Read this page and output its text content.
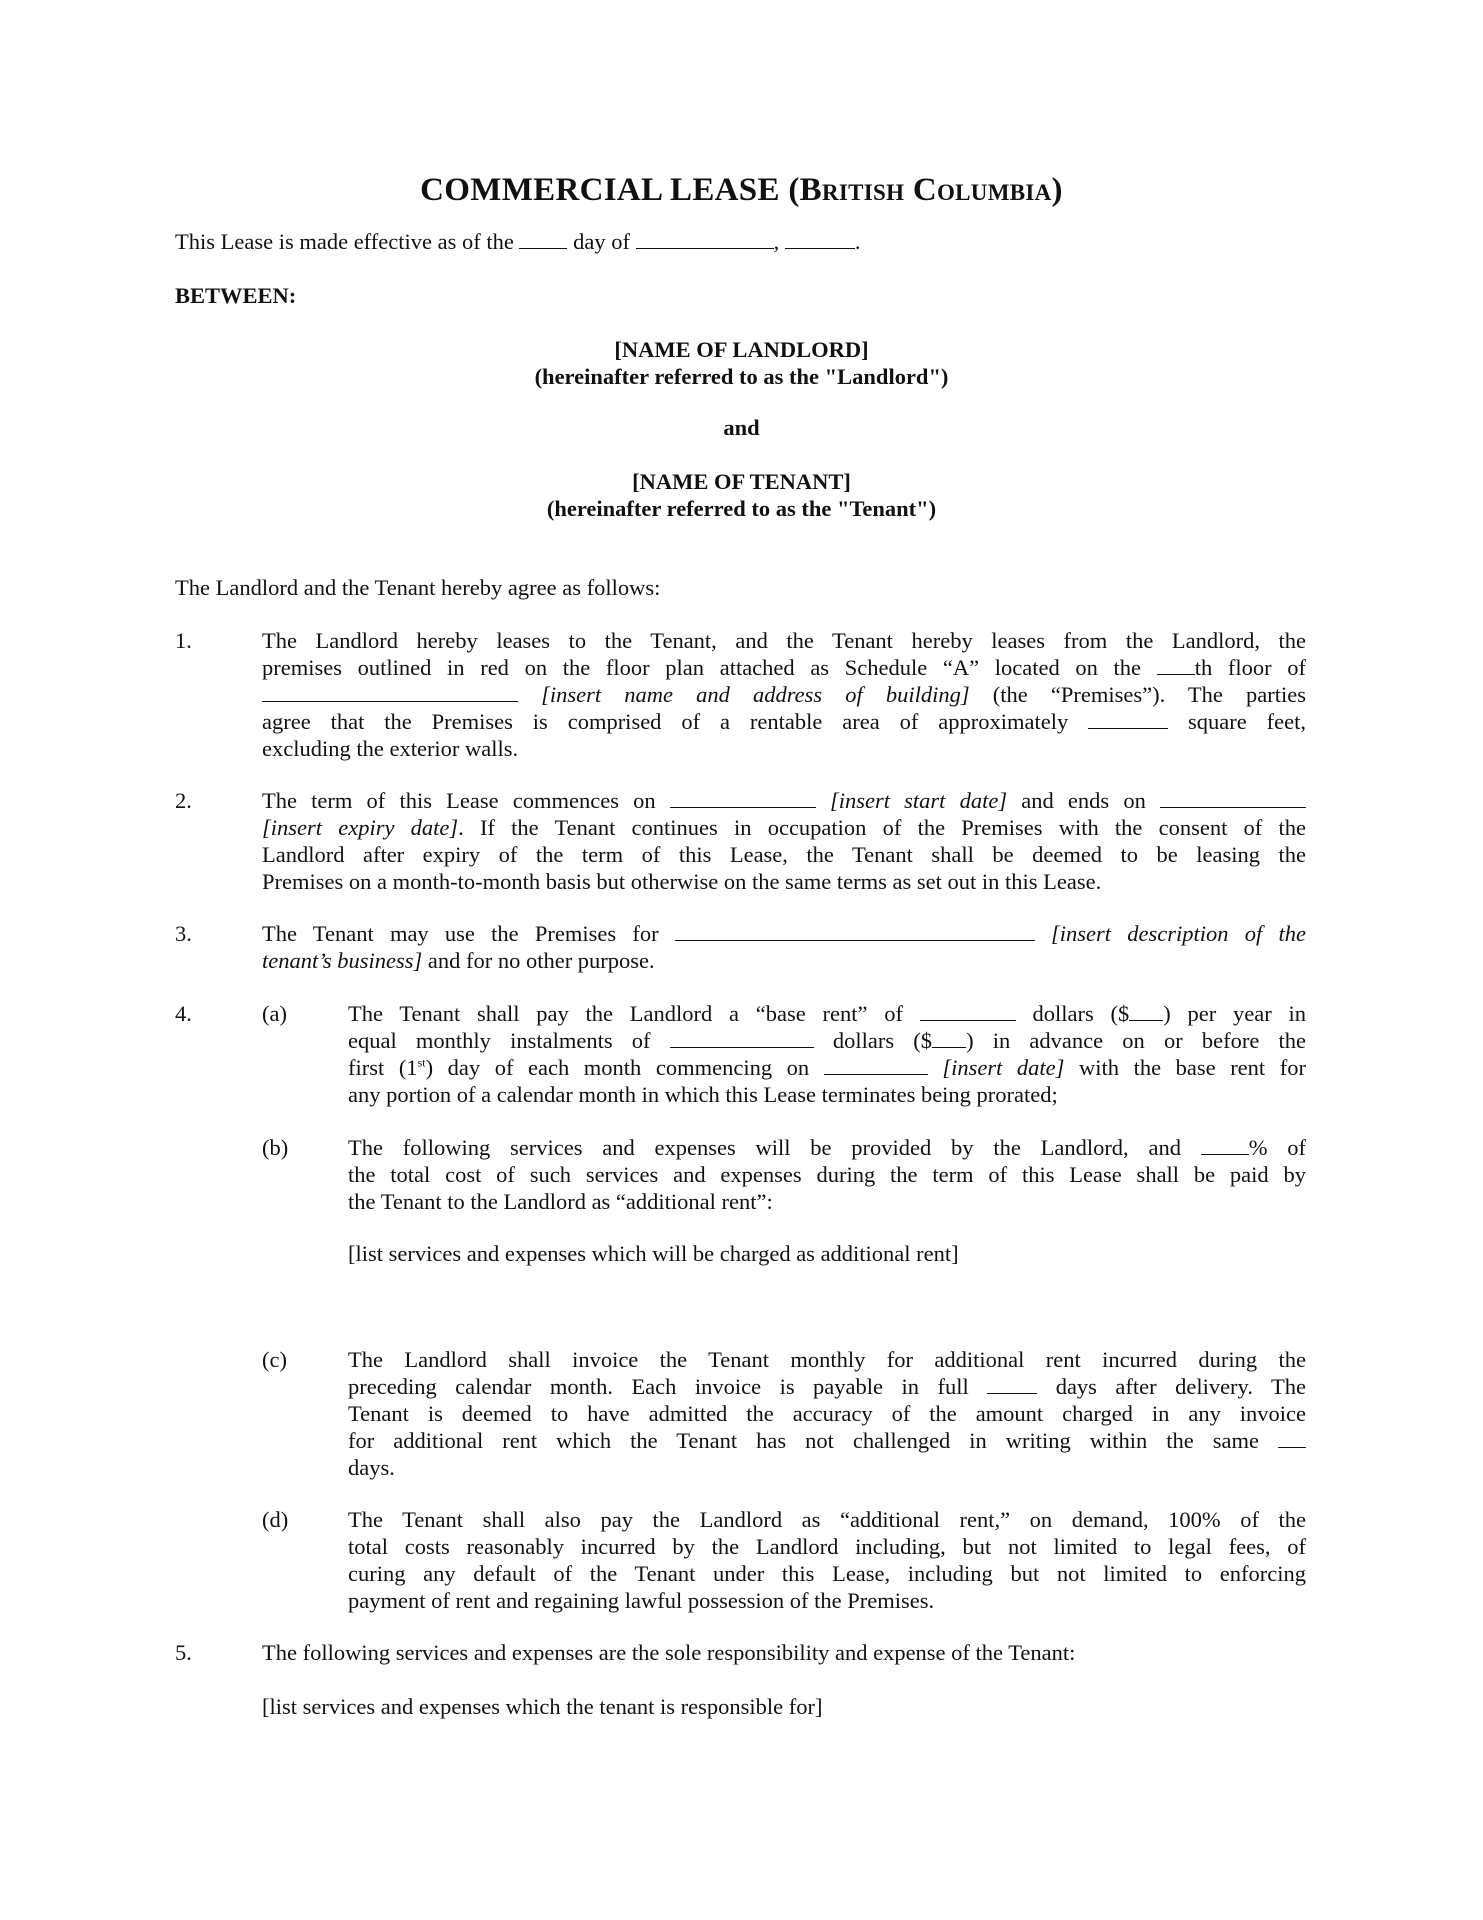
COMMERCIAL LEASE (British Columbia)
This Lease is made effective as of the	day of	,	.
BETWEEN:
[NAME OF LANDLORD]
(hereinafter referred to as the "Landlord")
and
[NAME OF TENANT]
(hereinafter referred to as the "Tenant")
The Landlord and the Tenant hereby agree as follows:
1.	The Landlord hereby leases to the Tenant, and the Tenant hereby leases from the Landlord, the
premises outlined in red on the floor plan attached as Schedule “A” located on the th floor of
[insert name and address of building] (the “Premises”). The parties
agree that the Premises is comprised of a rentable area of approximately	square feet,
excluding the exterior walls.
2.	The term of this Lease commences on	[insert start date] and ends on
[insert expiry date]. If the Tenant continues in occupation of the Premises with the consent of the
Landlord after expiry of the term of this Lease, the Tenant shall be deemed to be leasing the
Premises on a month-to-month basis but otherwise on the same terms as set out in this Lease.
3.	The Tenant may use the Premises for	[insert description of the
tenant’s business] and for no other purpose.
4.	(a)	The Tenant shall pay the Landlord a “base rent” of	dollars ($ ) per year in
equal monthly instalments of	dollars ($ ) in advance on or before the
first (1st) day of each month commencing on	[insert date] with the base rent for
any portion of a calendar month in which this Lease terminates being prorated;
(b)	The following services and expenses will be provided by the Landlord, and	% of
the total cost of such services and expenses during the term of this Lease shall be paid by
the Tenant to the Landlord as “additional rent”:
[list services and expenses which will be charged as additional rent]
(c)	The Landlord shall invoice the Tenant monthly for additional rent incurred during the
preceding calendar month. Each invoice is payable in full	days after delivery. The
Tenant is deemed to have admitted the accuracy of the amount charged in any invoice
for additional rent which the Tenant has not challenged in writing within the same
days.
(d)	The Tenant shall also pay the Landlord as “additional rent,” on demand, 100% of the
total costs reasonably incurred by the Landlord including, but not limited to legal fees, of
curing any default of the Tenant under this Lease, including but not limited to enforcing
payment of rent and regaining lawful possession of the Premises.
5.	The following services and expenses are the sole responsibility and expense of the Tenant:
[list services and expenses which the tenant is responsible for]
